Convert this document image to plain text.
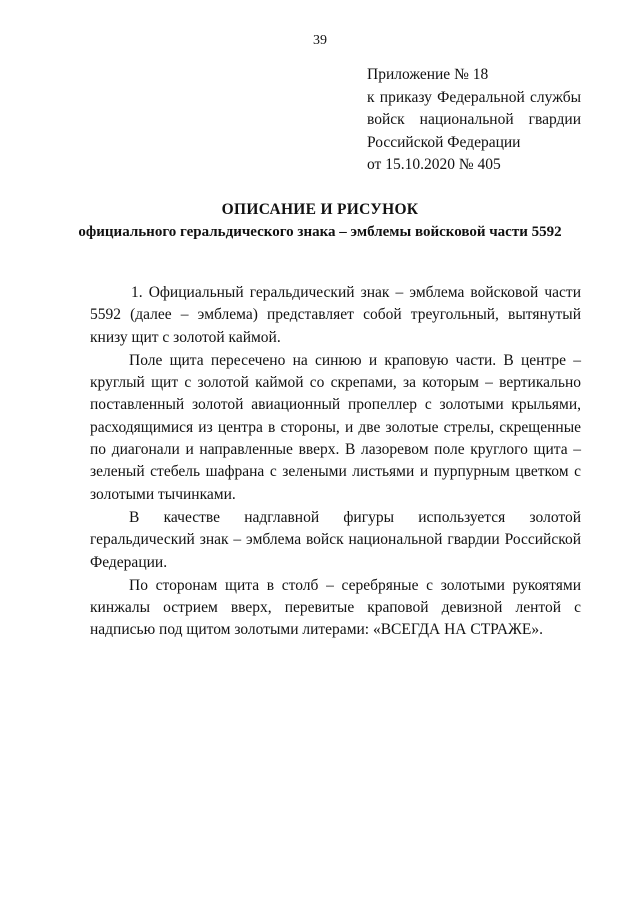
39
Приложение № 18
к приказу Федеральной службы
войск национальной гвардии
Российской Федерации
от 15.10.2020 № 405
ОПИСАНИЕ И РИСУНОК
официального геральдического знака – эмблемы войсковой части 5592

1. Официальный геральдический знак – эмблема войсковой части 5592 (далее – эмблема) представляет собой треугольный, вытянутый книзу щит с золотой каймой.

Поле щита пересечено на синюю и краповую части. В центре – круглый щит с золотой каймой со скрепами, за которым – вертикально поставленный золотой авиационный пропеллер с золотыми крыльями, расходящимися из центра в стороны, и две золотые стрелы, скрещенные по диагонали и направленные вверх. В лазоревом поле круглого щита – зеленый стебель шафрана с зелеными листьями и пурпурным цветком с золотыми тычинками.

В качестве надглавной фигуры используется золотой геральдический знак – эмблема войск национальной гвардии Российской Федерации.

По сторонам щита в столб – серебряные с золотыми рукоятями кинжалы острием вверх, перевитые краповой девизной лентой с надписью под щитом золотыми литерами: «ВСЕГДА НА СТРАЖЕ».
